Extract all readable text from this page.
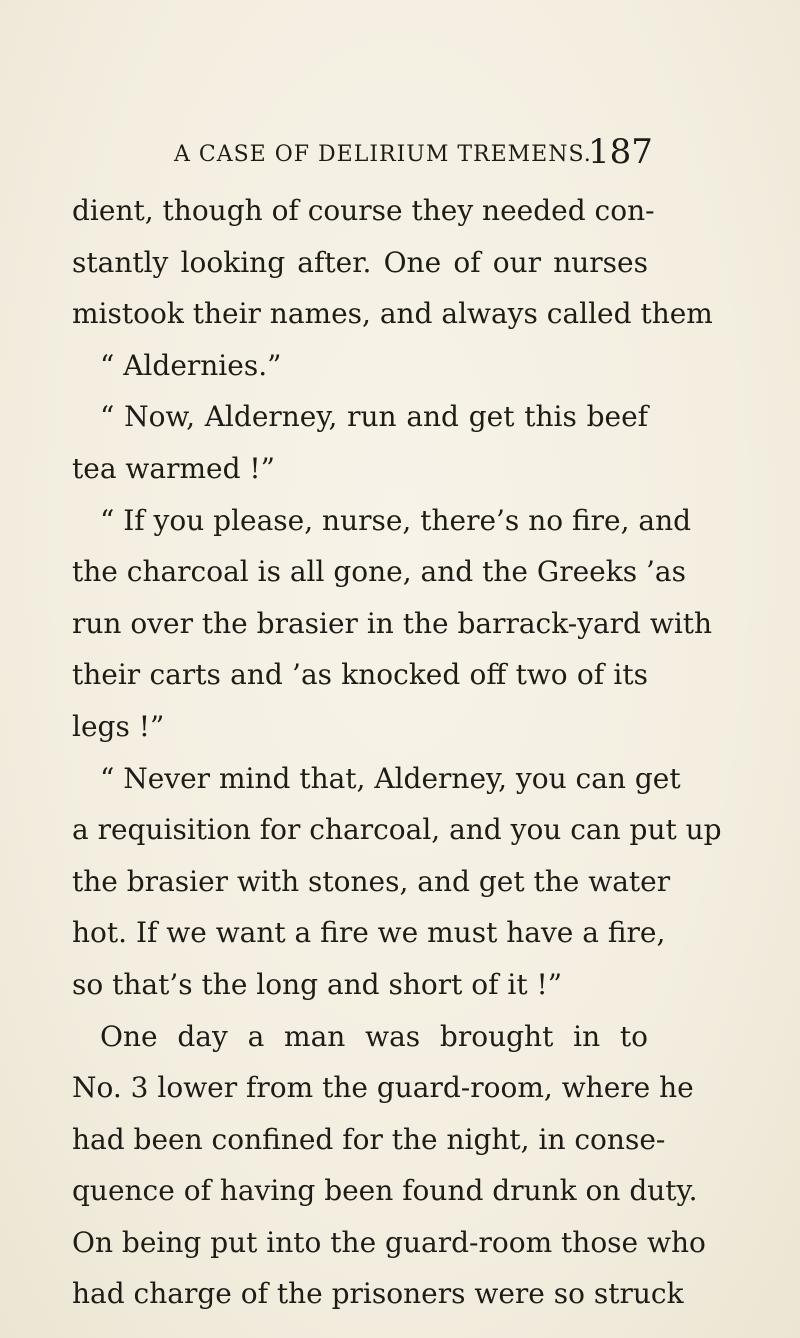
A CASE OF DELIRIUM TREMENS.
187
dient, though of course they needed con-
stantly looking after. One of our nurses
mistook their names, and always called them
“ Aldernies.”
“ Now, Alderney, run and get this beef
tea warmed !”
“ If you please, nurse, there’s no fire, and
the charcoal is all gone, and the Greeks ’as
run over the brasier in the barrack-yard with
their carts and ’as knocked off two of its
legs !”
“ Never mind that, Alderney, you can get
a requisition for charcoal, and you can put up
the brasier with stones, and get the water
hot. If we want a fire we must have a fire,
so that’s the long and short of it !”
One day a man was brought in to
No. 3 lower from the guard-room, where he
had been confined for the night, in conse-
quence of having been found drunk on duty.
On being put into the guard-room those who
had charge of the prisoners were so struck
